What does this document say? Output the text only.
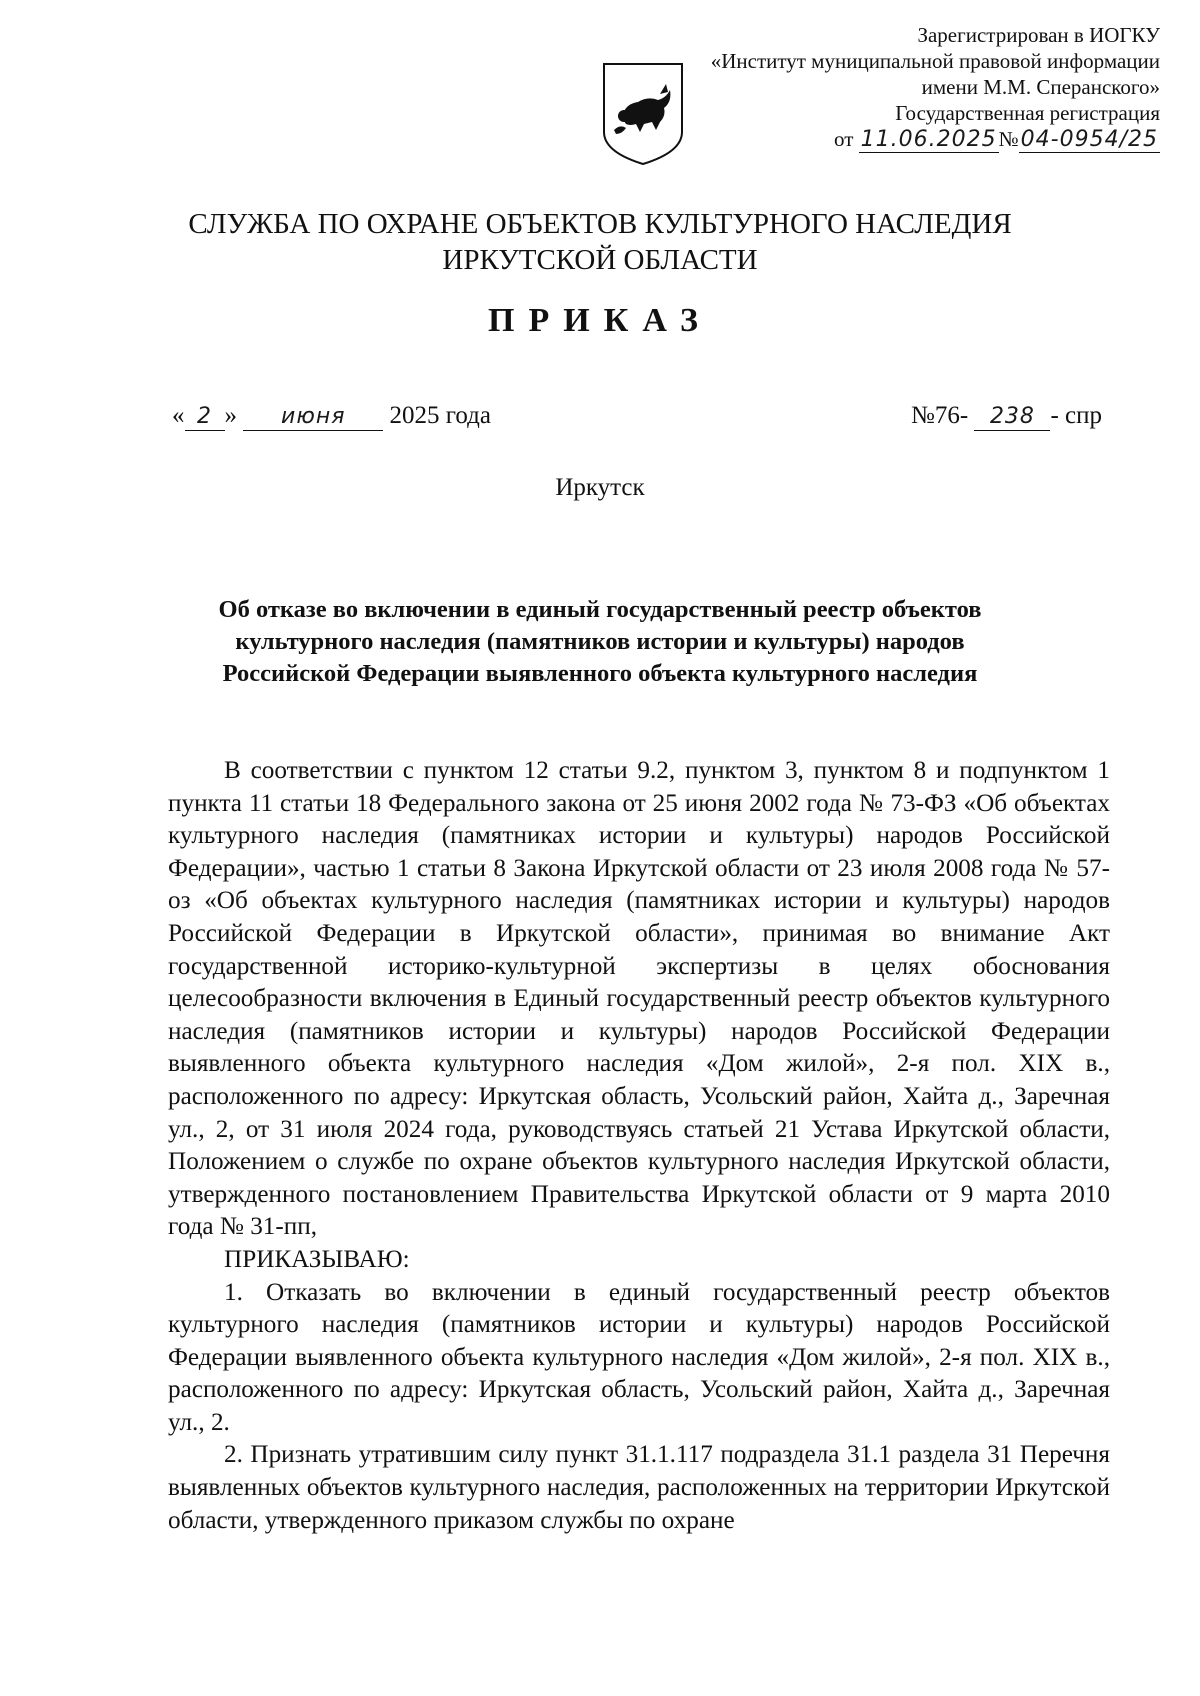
Зарегистрирован в ИОГКУ
«Институт муниципальной правовой информации
имени М.М. Сперанского»
Государственная регистрация
от 11.06.2025№04-0954/25
СЛУЖБА ПО ОХРАНЕ ОБЪЕКТОВ КУЛЬТУРНОГО НАСЛЕДИЯ
ИРКУТСКОЙ ОБЛАСТИ
ПРИКАЗ
« 2 » июня 2025 года	№76- 238 - спр
Иркутск
Об отказе во включении в единый государственный реестр объектов
культурного наследия (памятников истории и культуры) народов
Российской Федерации выявленного объекта культурного наследия

В соответствии с пунктом 12 статьи 9.2, пунктом 3, пунктом 8 и подпунктом 1 пункта 11 статьи 18 Федерального закона от 25 июня 2002 года № 73-ФЗ «Об объектах культурного наследия (памятниках истории и культуры) народов Российской Федерации», частью 1 статьи 8 Закона Иркутской области от 23 июля 2008 года № 57-оз «Об объектах культурного наследия (памятниках истории и культуры) народов Российской Федерации в Иркутской области», принимая во внимание Акт государственной историко-культурной экспертизы в целях обоснования целесообразности включения в Единый государственный реестр объектов культурного наследия (памятников истории и культуры) народов Российской Федерации выявленного объекта культурного наследия «Дом жилой», 2-я пол. XIX в., расположенного по адресу: Иркутская область, Усольский район, Хайта д., Заречная ул., 2, от 31 июля 2024 года, руководствуясь статьей 21 Устава Иркутской области, Положением о службе по охране объектов культурного наследия Иркутской области, утвержденного постановлением Правительства Иркутской области от 9 марта 2010 года № 31-пп,

ПРИКАЗЫВАЮ:

1. Отказать во включении в единый государственный реестр объектов культурного наследия (памятников истории и культуры) народов Российской Федерации выявленного объекта культурного наследия «Дом жилой», 2-я пол. XIX в., расположенного по адресу: Иркутская область, Усольский район, Хайта д., Заречная ул., 2.

2. Признать утратившим силу пункт 31.1.117 подраздела 31.1 раздела 31 Перечня выявленных объектов культурного наследия, расположенных на территории Иркутской области, утвержденного приказом службы по охране
